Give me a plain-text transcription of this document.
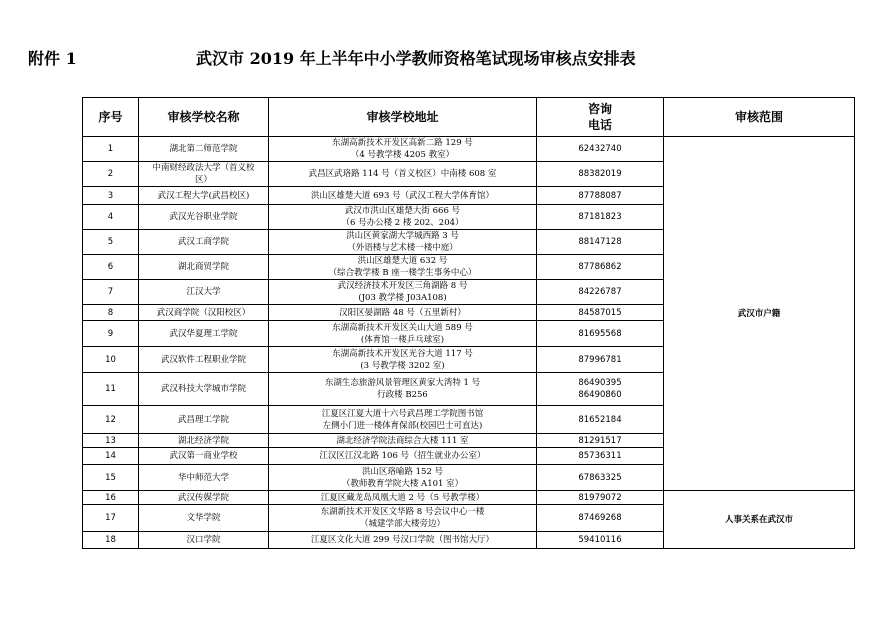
附件 1	武汉市 2019 年上半年中小学教师资格笔试现场审核点安排表
序号	审核学校名称	审核学校地址	咨询
电话	审核范围
1	湖北第二师范学院	东湖高新技术开发区高新二路 129 号
（4 号教学楼 4205 教室）	62432740	武汉市户籍
2	中南财经政法大学（首义校
区）	武昌区武珞路 114 号（首义校区）中南楼 608 室	88382019	

3	武汉工程大学(武昌校区)	洪山区雄楚大道 693 号（武汉工程大学体育馆）	87788087	

4	武汉光谷职业学院	武汉市洪山区雄楚大街 666 号
（6 号办公楼 2 楼 202、204）	87181823	

5	武汉工商学院	洪山区黄家湖大学城西路 3 号
（外语楼与艺术楼一楼中庭）	88147128	

6	湖北商贸学院	洪山区雄楚大道 632 号
（综合教学楼 B 座一楼学生事务中心）	87786862	

7	江汉大学	武汉经济技术开发区三角湖路 8 号
(J03 教学楼 J03A108)	84226787	

8	武汉商学院（汉阳校区）	汉阳区晏湖路 48 号（五里新村）	84587015	

9	武汉华夏理工学院	东湖高新技术开发区关山大道 589 号
(体育馆一楼乒乓球室)	81695568	

10	武汉软件工程职业学院	东湖高新技术开发区光谷大道 117 号
(3 号教学楼 3202 室)	87996781	

11	武汉科技大学城市学院	东湖生态旅游风景管理区黄家大湾特 1 号
行政楼 B256	86490395
86490860	

12	武昌理工学院	江夏区江夏大道十六号武昌理工学院图书馆
左侧小门进一楼体育保部(校园巴士可直达)	81652184	

13	湖北经济学院	湖北经济学院法商综合大楼 111 室	81291517	

14	武汉第一商业学校	江汉区江汉北路 106 号（招生就业办公室）	85736311	

15	华中师范大学	洪山区珞喻路 152 号
（教师教育学院大楼 A101 室）	67863325	

16	武汉传媒学院	江夏区藏龙岛凤凰大道 2 号（5 号教学楼）	81979072	人事关系在武汉市
17	文华学院	东湖新技术开发区文华路 8 号会议中心一楼
（城建学部大楼旁边）	87469268	

18	汉口学院	江夏区文化大道 299 号汉口学院（图书馆大厅）	59410116	
